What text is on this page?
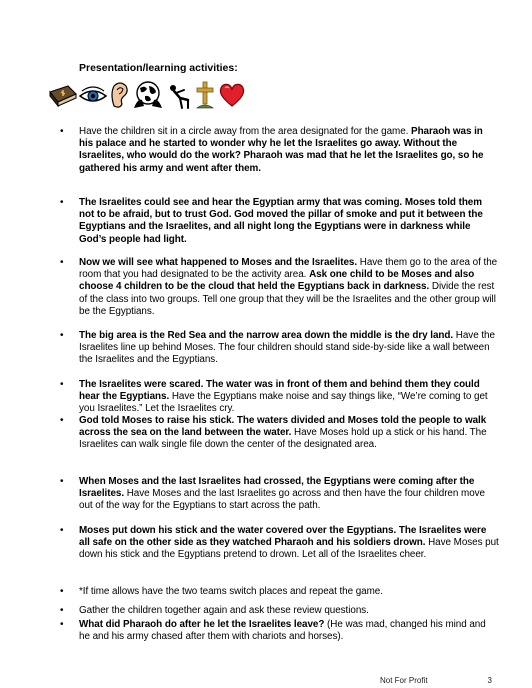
Presentation/learning activities:
• Have the children sit in a circle away from the area designated for the game. Pharaoh was in his palace and he started to wonder why he let the Israelites go away. Without the Israelites, who would do the work? Pharaoh was mad that he let the Israelites go, so he gathered his army and went after them.
• The Israelites could see and hear the Egyptian army that was coming. Moses told them not to be afraid, but to trust God. God moved the pillar of smoke and put it between the Egyptians and the Israelites, and all night long the Egyptians were in darkness while God’s people had light.
• Now we will see what happened to Moses and the Israelites. Have them go to the area of the room that you had designated to be the activity area. Ask one child to be Moses and also choose 4 children to be the cloud that held the Egyptians back in darkness. Divide the rest of the class into two groups. Tell one group that they will be the Israelites and the other group will be the Egyptians.
• The big area is the Red Sea and the narrow area down the middle is the dry land. Have the Israelites line up behind Moses. The four children should stand side-by-side like a wall between the Israelites and the Egyptians.
• The Israelites were scared. The water was in front of them and behind them they could hear the Egyptians. Have the Egyptians make noise and say things like, “We’re coming to get you Israelites.” Let the Israelites cry.
• God told Moses to raise his stick. The waters divided and Moses told the people to walk across the sea on the land between the water. Have Moses hold up a stick or his hand. The Israelites can walk single file down the center of the designated area.
• When Moses and the last Israelites had crossed, the Egyptians were coming after the Israelites. Have Moses and the last Israelites go across and then have the four children move out of the way for the Egyptians to start across the path.
• Moses put down his stick and the water covered over the Egyptians. The Israelites were all safe on the other side as they watched Pharaoh and his soldiers drown. Have Moses put down his stick and the Egyptians pretend to drown. Let all of the Israelites cheer.
• *If time allows have the two teams switch places and repeat the game.
• Gather the children together again and ask these review questions.
• What did Pharaoh do after he let the Israelites leave? (He was mad, changed his mind and he and his army chased after them with chariots and horses).
Not For Profit	3
